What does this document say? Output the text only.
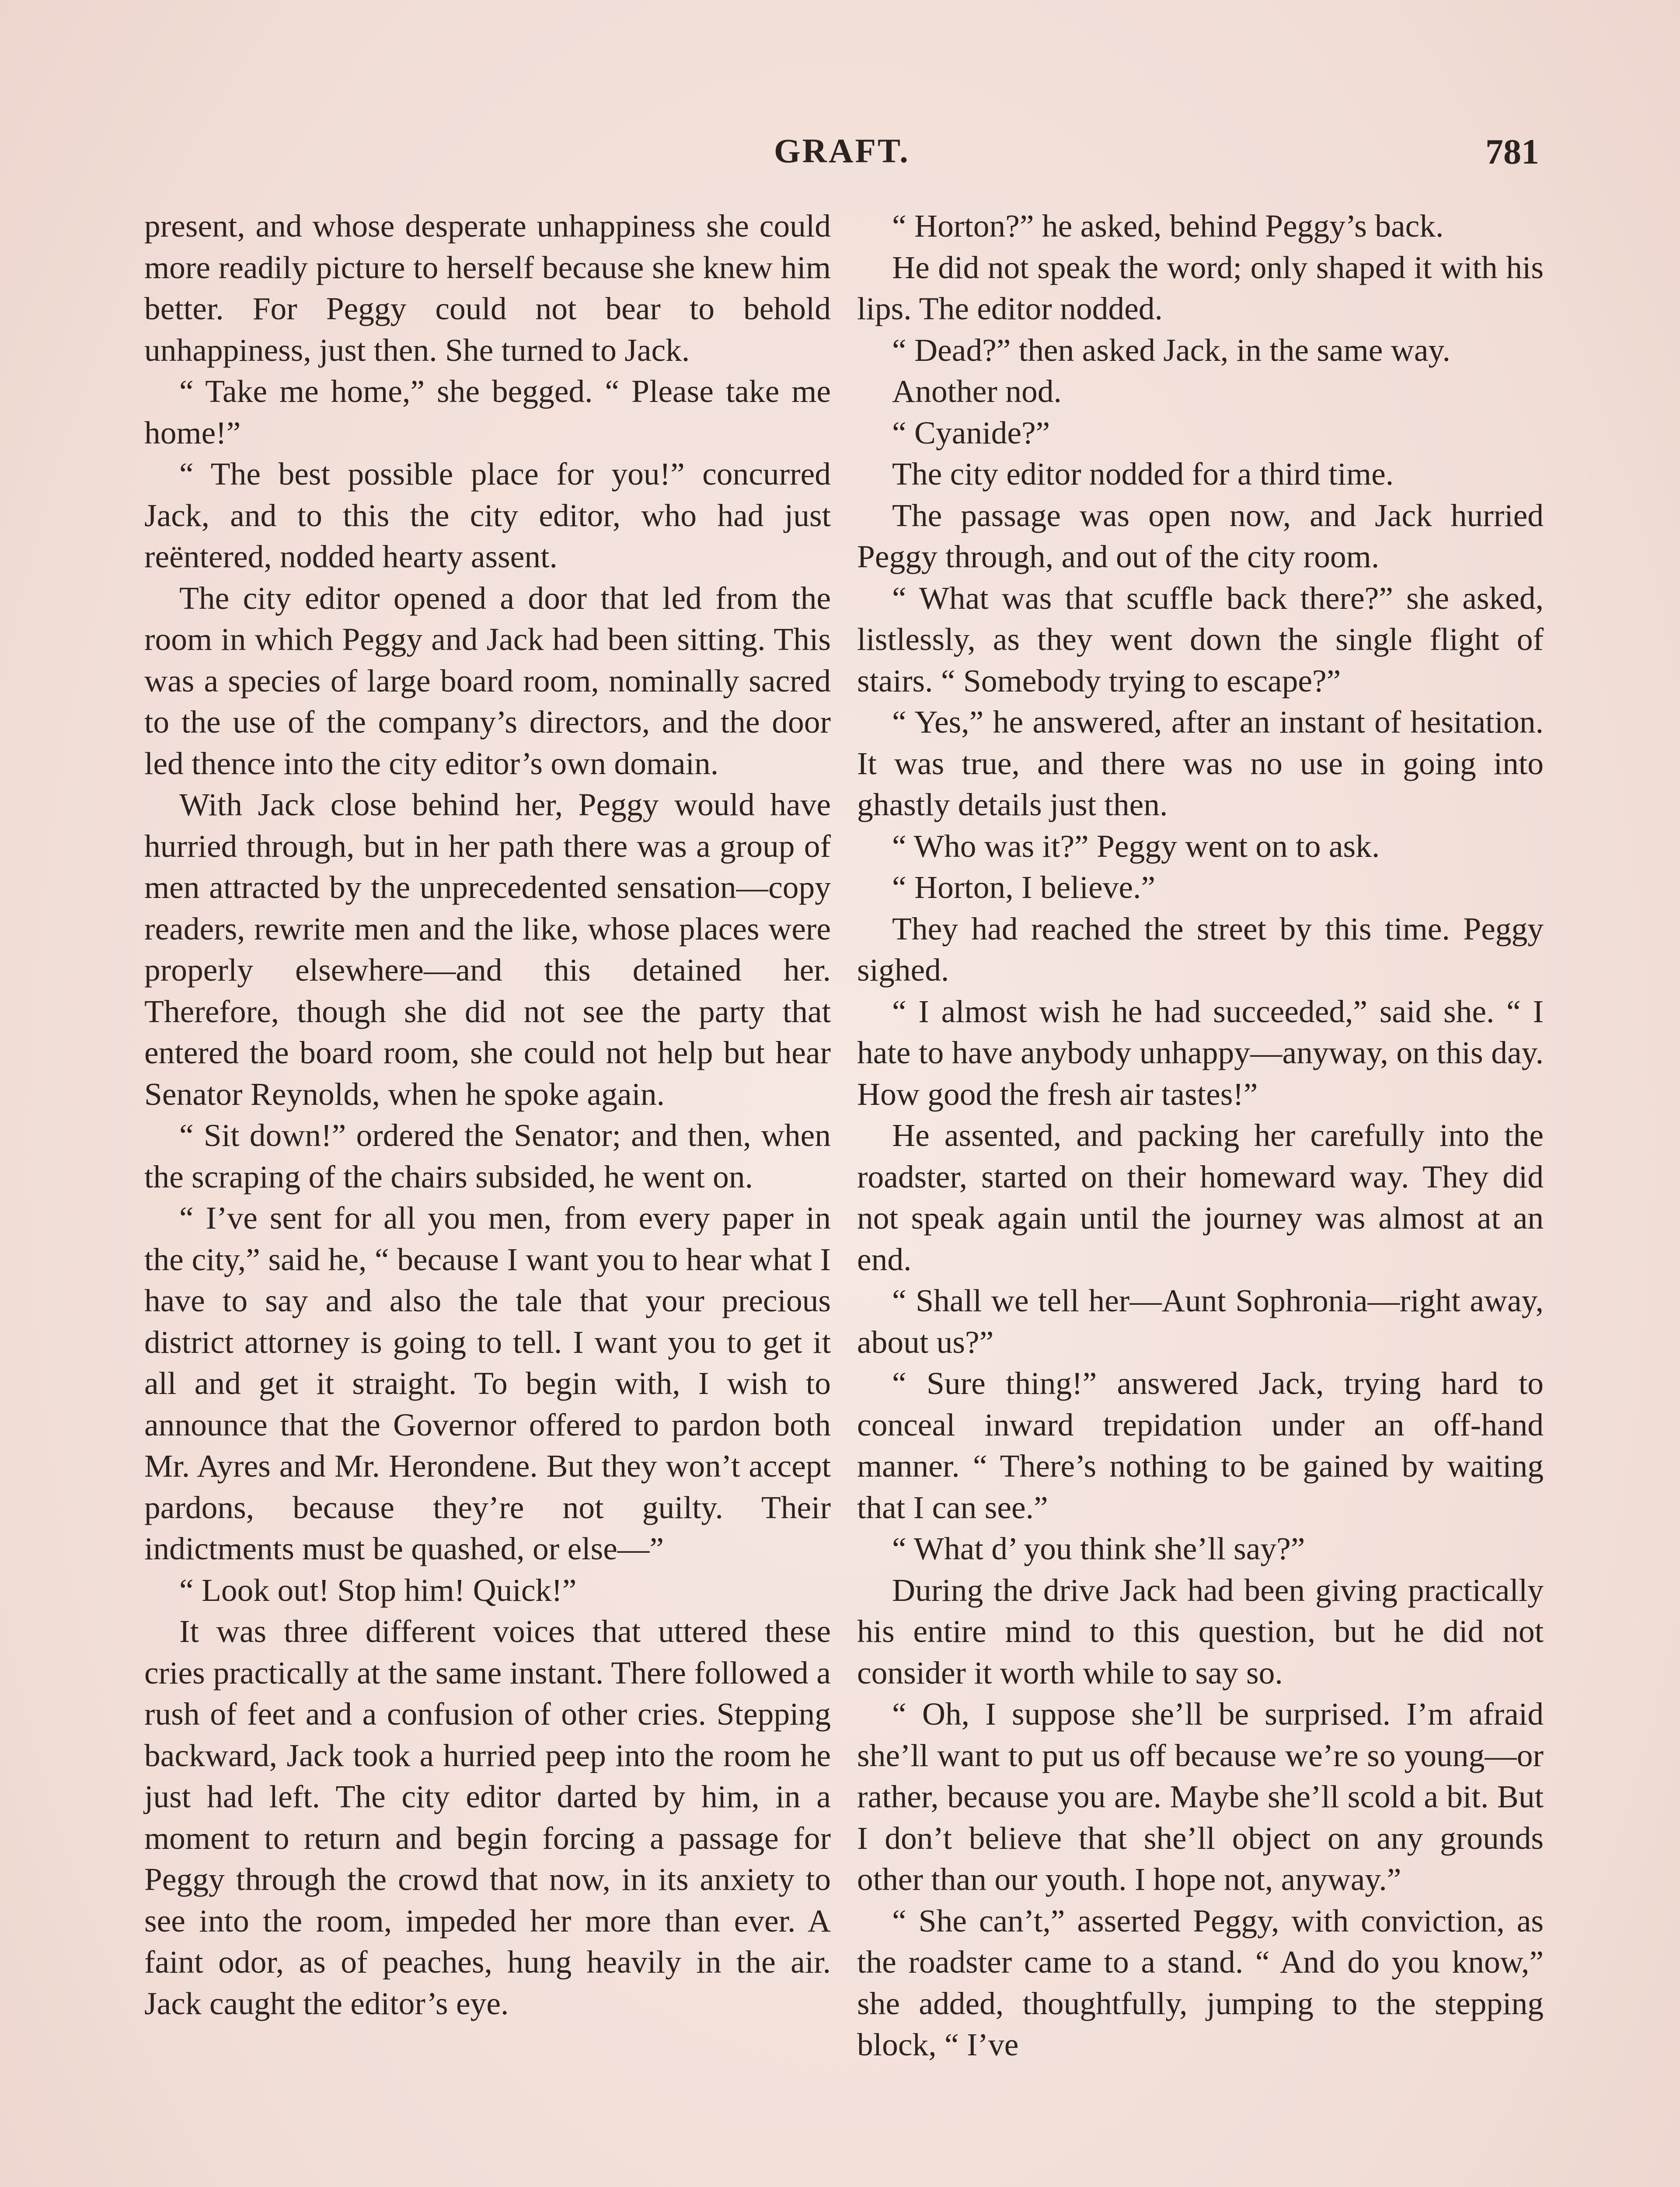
GRAFT.	781

present, and whose desperate unhappiness she could more readily picture to herself because she knew him better. For Peggy could not bear to behold unhappiness, just then. She turned to Jack.

“ Take me home,” she begged. “ Please take me home!”

“ The best possible place for you!” concurred Jack, and to this the city editor, who had just reëntered, nodded hearty assent.

The city editor opened a door that led from the room in which Peggy and Jack had been sitting. This was a species of large board room, nominally sacred to the use of the company’s directors, and the door led thence into the city editor’s own domain.

With Jack close behind her, Peggy would have hurried through, but in her path there was a group of men attracted by the unprecedented sensation—copy readers, rewrite men and the like, whose places were properly elsewhere—and this detained her. Therefore, though she did not see the party that entered the board room, she could not help but hear Senator Reynolds, when he spoke again.

“ Sit down!” ordered the Senator; and then, when the scraping of the chairs subsided, he went on.

“ I’ve sent for all you men, from every paper in the city,” said he, “ because I want you to hear what I have to say and also the tale that your precious district attorney is going to tell. I want you to get it all and get it straight. To begin with, I wish to announce that the Governor offered to pardon both Mr. Ayres and Mr. Herondene. But they won’t accept pardons, because they’re not guilty. Their indictments must be quashed, or else—”

“ Look out! Stop him! Quick!”

It was three different voices that uttered these cries practically at the same instant. There followed a rush of feet and a confusion of other cries. Stepping backward, Jack took a hurried peep into the room he just had left. The city editor darted by him, in a moment to return and begin forcing a passage for Peggy through the crowd that now, in its anxiety to see into the room, impeded her more than ever. A faint odor, as of peaches, hung heavily in the air. Jack caught the editor’s eye.

“ Horton?” he asked, behind Peggy’s back.

He did not speak the word; only shaped it with his lips. The editor nodded.

“ Dead?” then asked Jack, in the same way.

Another nod.

“ Cyanide?”

The city editor nodded for a third time.

The passage was open now, and Jack hurried Peggy through, and out of the city room.

“ What was that scuffle back there?” she asked, listlessly, as they went down the single flight of stairs. “ Somebody trying to escape?”

“ Yes,” he answered, after an instant of hesitation. It was true, and there was no use in going into ghastly details just then.

“ Who was it?” Peggy went on to ask.

“ Horton, I believe.”

They had reached the street by this time. Peggy sighed.

“ I almost wish he had succeeded,” said she. “ I hate to have anybody unhappy—anyway, on this day. How good the fresh air tastes!”

He assented, and packing her carefully into the roadster, started on their homeward way. They did not speak again until the journey was almost at an end.

“ Shall we tell her—Aunt Sophronia—right away, about us?”

“ Sure thing!” answered Jack, trying hard to conceal inward trepidation under an off-hand manner. “ There’s nothing to be gained by waiting that I can see.”

“ What d’ you think she’ll say?”

During the drive Jack had been giving practically his entire mind to this question, but he did not consider it worth while to say so.

“ Oh, I suppose she’ll be surprised. I’m afraid she’ll want to put us off because we’re so young—or rather, because you are. Maybe she’ll scold a bit. But I don’t believe that she’ll object on any grounds other than our youth. I hope not, anyway.”

“ She can’t,” asserted Peggy, with conviction, as the roadster came to a stand. “ And do you know,” she added, thoughtfully, jumping to the stepping block, “ I’ve
